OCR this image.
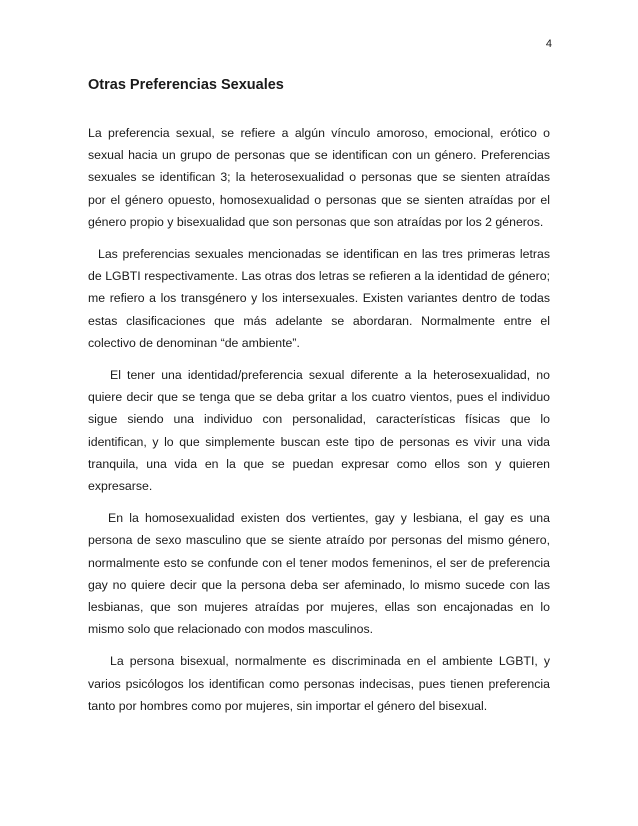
4
Otras Preferencias Sexuales

La preferencia sexual, se refiere a algún vínculo amoroso, emocional, erótico o sexual hacia un grupo de personas que se identifican con un género. Preferencias sexuales se identifican 3; la heterosexualidad o personas que se sienten atraídas por el género opuesto, homosexualidad o personas que se sienten atraídas por el género propio y bisexualidad que son personas que son atraídas por los 2 géneros.

Las preferencias sexuales mencionadas se identifican en las tres primeras letras de LGBTI respectivamente. Las otras dos letras se refieren a la identidad de género; me refiero a los transgénero y los intersexuales. Existen variantes dentro de todas estas clasificaciones que más adelante se abordaran. Normalmente entre el colectivo de denominan “de ambiente”.

El tener una identidad/preferencia sexual diferente a la heterosexualidad, no quiere decir que se tenga que se deba gritar a los cuatro vientos, pues el individuo sigue siendo una individuo con personalidad, características físicas que lo identifican, y lo que simplemente buscan este tipo de personas es vivir una vida tranquila, una vida en la que se puedan expresar como ellos son y quieren expresarse.

En la homosexualidad existen dos vertientes, gay y lesbiana, el gay es una persona de sexo masculino que se siente atraído por personas del mismo género, normalmente esto se confunde con el tener modos femeninos, el ser de preferencia gay no quiere decir que la persona deba ser afeminado, lo mismo sucede con las lesbianas, que son mujeres atraídas por mujeres, ellas son encajonadas en lo mismo solo que relacionado con modos masculinos.

La persona bisexual, normalmente es discriminada en el ambiente LGBTI, y varios psicólogos los identifican como personas indecisas, pues tienen preferencia tanto por hombres como por mujeres, sin importar el género del bisexual.
